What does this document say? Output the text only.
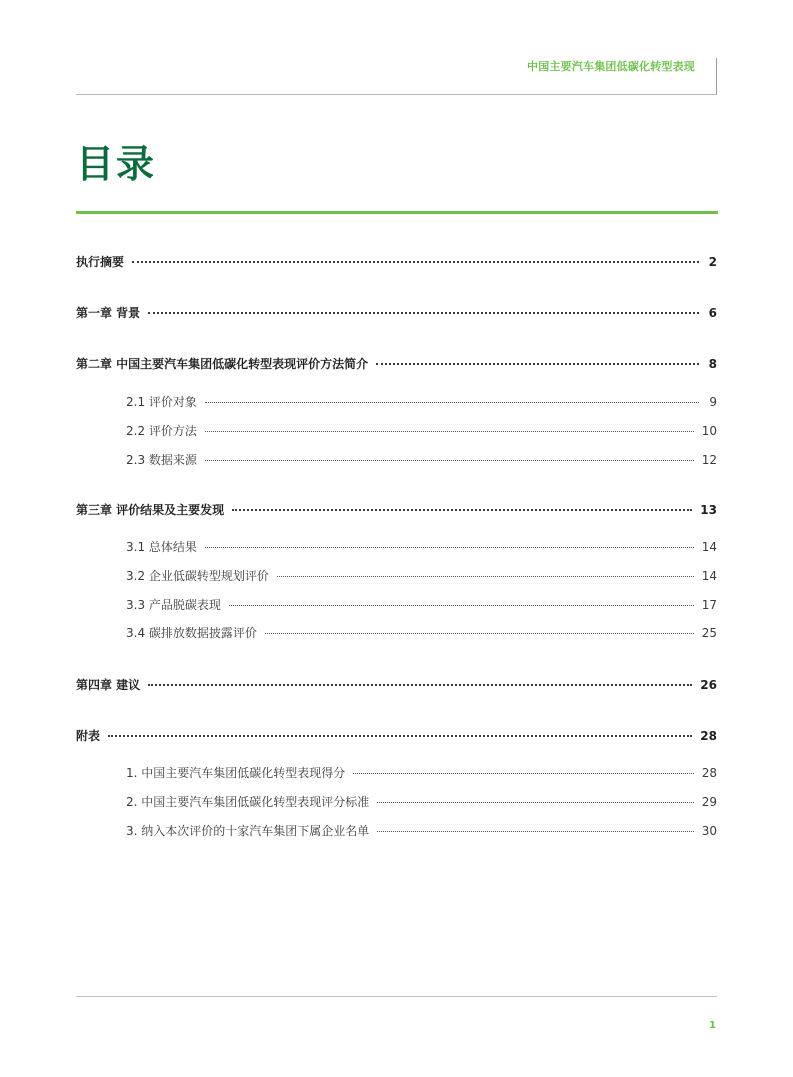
中国主要汽车集团低碳化转型表现
目录
执行摘要	2
第一章 背景	6
第二章 中国主要汽车集团低碳化转型表现评价方法简介	8
2.1 评价对象	9
2.2 评价方法	10
2.3 数据来源	12
第三章 评价结果及主要发现	13
3.1 总体结果	14
3.2 企业低碳转型规划评价	14
3.3 产品脱碳表现	17
3.4 碳排放数据披露评价	25
第四章 建议	26
附表	28
1. 中国主要汽车集团低碳化转型表现得分	28
2. 中国主要汽车集团低碳化转型表现评分标准	29
3. 纳入本次评价的十家汽车集团下属企业名单	30
1
